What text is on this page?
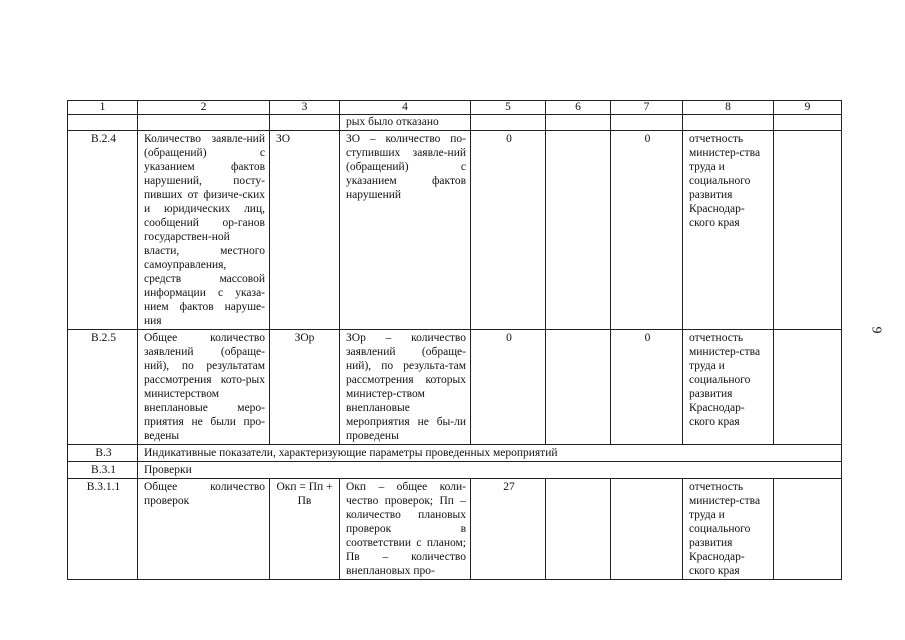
1	2	3	4	5	6	7	8	9
			рых было отказано					
В.2.4	Количество заявле-ний (обращений) с указанием фактов нарушений, посту-пивших от физиче-ских и юридических лиц, сообщений ор-ганов государствен-ной власти, местного самоуправления, средств массовой информации с указа-нием фактов наруше-ния	ЗО	ЗО – количество по-ступивших заявле-ний (обращений) с указанием фактов нарушений	0		0	отчетность министер-ства труда и социального развития Краснодар-ского края	
В.2.5	Общее количество заявлений (обраще-ний), по результатам рассмотрения кото-рых министерством внеплановые меро-приятия не были про-ведены	ЗОр	ЗОр – количество заявлений (обраще-ний), по результа-там рассмотрения которых министер-ством внеплановые мероприятия не бы-ли проведены	0		0	отчетность министер-ства труда и социального развития Краснодар-ского края	
В.3	Индикативные показатели, характеризующие параметры проведенных мероприятий							
В.3.1	Проверки							
В.3.1.1	Общее количество проверок	Окп = Пп + Пв	Окп – общее коли-чество проверок; Пп – количество плановых проверок в соответствии с планом; Пв – количество внеплановых про-	27			отчетность министер-ства труда и социального развития Краснодар-ского края	
9
